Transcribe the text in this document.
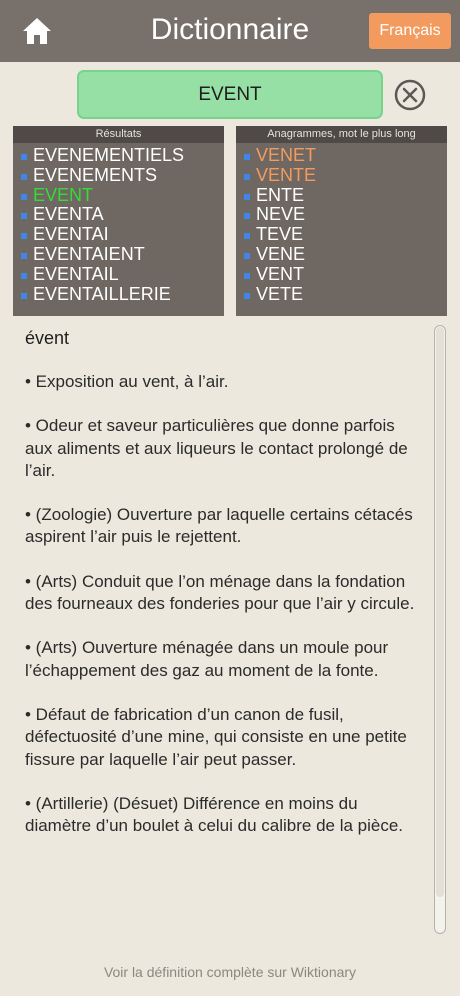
Dictionnaire	Français
EVENT
Résultats
EVENEMENTIELS
EVENEMENTS
EVENT
EVENTA
EVENTAI
EVENTAIENT
EVENTAIL
EVENTAILLERIE
Anagrammes, mot le plus long
VENET
VENTE
ENTE
NEVE
TEVE
VENE
VENT
VETE
évent
• Exposition au vent, à l’air.
• Odeur et saveur particulières que donne parfois aux aliments et aux liqueurs le contact prolongé de l’air.
• (Zoologie) Ouverture par laquelle certains cétacés aspirent l’air puis le rejettent.
• (Arts) Conduit que l’on ménage dans la fondation des fourneaux des fonderies pour que l’air y circule.
• (Arts) Ouverture ménagée dans un moule pour l’échappement des gaz au moment de la fonte.
• Défaut de fabrication d’un canon de fusil, défectuosité d’une mine, qui consiste en une petite fissure par laquelle l’air peut passer.
• (Artillerie) (Désuet) Différence en moins du diamètre d’un boulet à celui du calibre de la pièce.
Voir la définition complète sur Wiktionary
